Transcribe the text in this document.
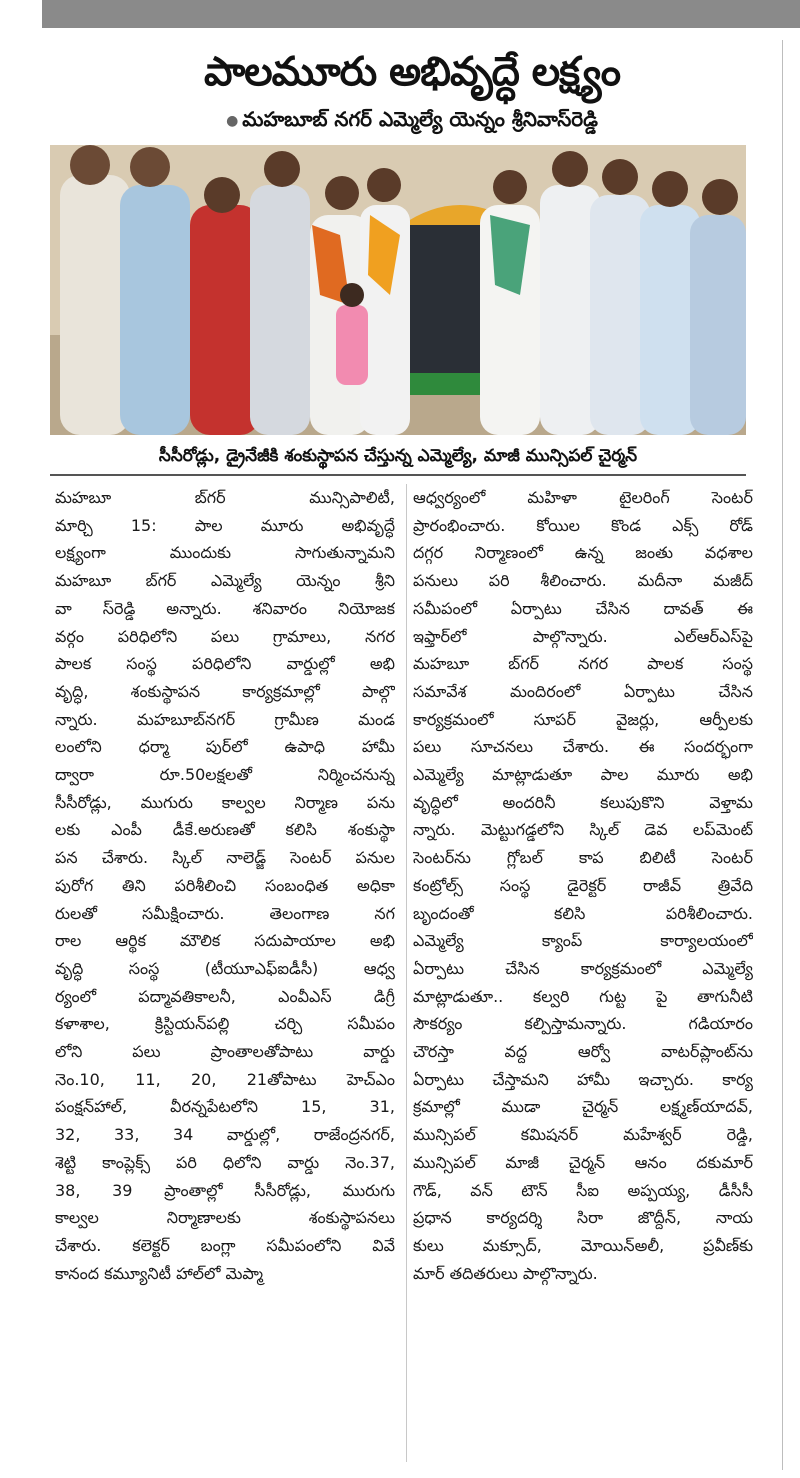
పాలమూరు అభివృద్ధే లక్ష్యం
● మహబూబ్ నగర్ ఎమ్మెల్యే యెన్నం శ్రీనివాస్‌రెడ్డి
సీసీరోడ్లు, డ్రైనేజీకి శంకుస్థాపన చేస్తున్న ఎమ్మెల్యే, మాజీ మున్సిపల్ చైర్మన్
మహబూ బ్‌గర్ మున్సిపాలిటీ,
మార్చి 15: పాల మూరు అభివృద్ధే
లక్ష్యంగా ముందుకు సాగుతున్నామని
మహబూ బ్‌గర్ ఎమ్మెల్యే యెన్నం శ్రీని
వా స్‌రెడ్డి అన్నారు. శనివారం నియోజక
వర్గం పరిధిలోని పలు గ్రామాలు, నగర
పాలక సంస్థ పరిధిలోని వార్డుల్లో అభి
వృద్ధి, శంకుస్థాపన కార్యక్రమాల్లో పాల్గొ
న్నారు. మహబూబ్‌నగర్ గ్రామీణ మండ
లంలోని ధర్మా పుర్‌లో ఉపాధి హామీ
ద్వారా రూ.50లక్షలతో నిర్మించనున్న
సీసీరోడ్లు, ముగురు కాల్వల నిర్మాణ పను
లకు ఎంపీ డీకే.అరుణతో కలిసి శంకుస్థా
పన చేశారు. స్కిల్ నాలెడ్జ్ సెంటర్ పనుల
పురోగ తిని పరిశీలించి సంబంధిత అధికా
రులతో సమీక్షించారు. తెలంగాణ నగ
రాల ఆర్థిక మౌలిక సదుపాయాల అభి
వృద్ధి సంస్థ (టీయూఎఫ్ఐడీసీ) ఆధ్వ
ర్యంలో పద్మావతికాలనీ, ఎంవీఎస్ డిగ్రీ
కళాశాల, క్రిస్టియన్‌పల్లి చర్చి సమీపం
లోని పలు ప్రాంతాలతోపాటు వార్డు
నెం.10, 11, 20, 21తోపాటు హెచ్ఎం
పంక్షన్‌హాల్, వీరన్నపేటలోని 15, 31,
32, 33, 34 వార్డుల్లో, రాజేంద్రనగర్,
శెట్టి కాంప్లెక్స్ పరి ధిలోని వార్డు నెం.37,
38, 39 ప్రాంతాల్లో సీసీరోడ్లు, మురుగు
కాల్వల నిర్మాణాలకు శంకుస్థాపనలు
చేశారు. కలెక్టర్ బంగ్లా సమీపంలోని వివే
కానంద కమ్యూనిటీ హాల్‌లో మెప్మా
ఆధ్వర్యంలో మహిళా టైలరింగ్ సెంటర్
ప్రారంభించారు. కోయిల కొండ ఎక్స్ రోడ్
దగ్గర నిర్మాణంలో ఉన్న జంతు వధశాల
పనులు పరి శీలించారు. మదీనా మజీద్
సమీపంలో ఏర్పాటు చేసిన దావత్ ఈ
ఇఫ్తార్‌లో పాల్గొన్నారు. ఎల్ఆర్ఎస్‌పై
మహబూ బ్‌గర్ నగర పాలక సంస్థ
సమావేశ మందిరంలో ఏర్పాటు చేసిన
కార్యక్రమంలో సూపర్ వైజర్లు, ఆర్పీలకు
పలు సూచనలు చేశారు. ఈ సందర్భంగా
ఎమ్మెల్యే మాట్లాడుతూ పాల మూరు అభి
వృద్ధిలో అందరినీ కలుపుకొని వెళ్తామ
న్నారు. మెట్టుగడ్డలోని స్కిల్ డెవ లప్‌మెంట్
సెంటర్‌ను గ్లోబల్ కాప బిలిటీ సెంటర్
కంట్రోల్స్ సంస్థ డైరెక్టర్ రాజీవ్ త్రివేది
బృందంతో కలిసి పరిశీలించారు.
ఎమ్మెల్యే క్యాంప్ కార్యాలయంలో
ఏర్పాటు చేసిన కార్యక్రమంలో ఎమ్మెల్యే
మాట్లాడుతూ.. కల్వరి గుట్ట పై తాగునీటి
సౌకర్యం కల్పిస్తామన్నారు. గడియారం
చౌరస్తా వద్ద ఆర్వో వాటర్‌ప్లాంట్‌ను
ఏర్పాటు చేస్తామని హామీ ఇచ్చారు. కార్య
క్రమాల్లో ముడా చైర్మన్ లక్ష్మణ్‌యాదవ్,
మున్సిపల్ కమిషనర్ మహేశ్వర్ రెడ్డి,
మున్సిపల్ మాజీ చైర్మన్ ఆనం దకుమార్
గౌడ్, వన్ టౌన్ సీఐ అప్పయ్య, డీసీసీ
ప్రధాన కార్యదర్శి సిరా జొద్దీన్, నాయ
కులు మక్సూద్, మోయిన్‌అలీ, ప్రవీణ్‌కు
మార్ తదితరులు పాల్గొన్నారు.
